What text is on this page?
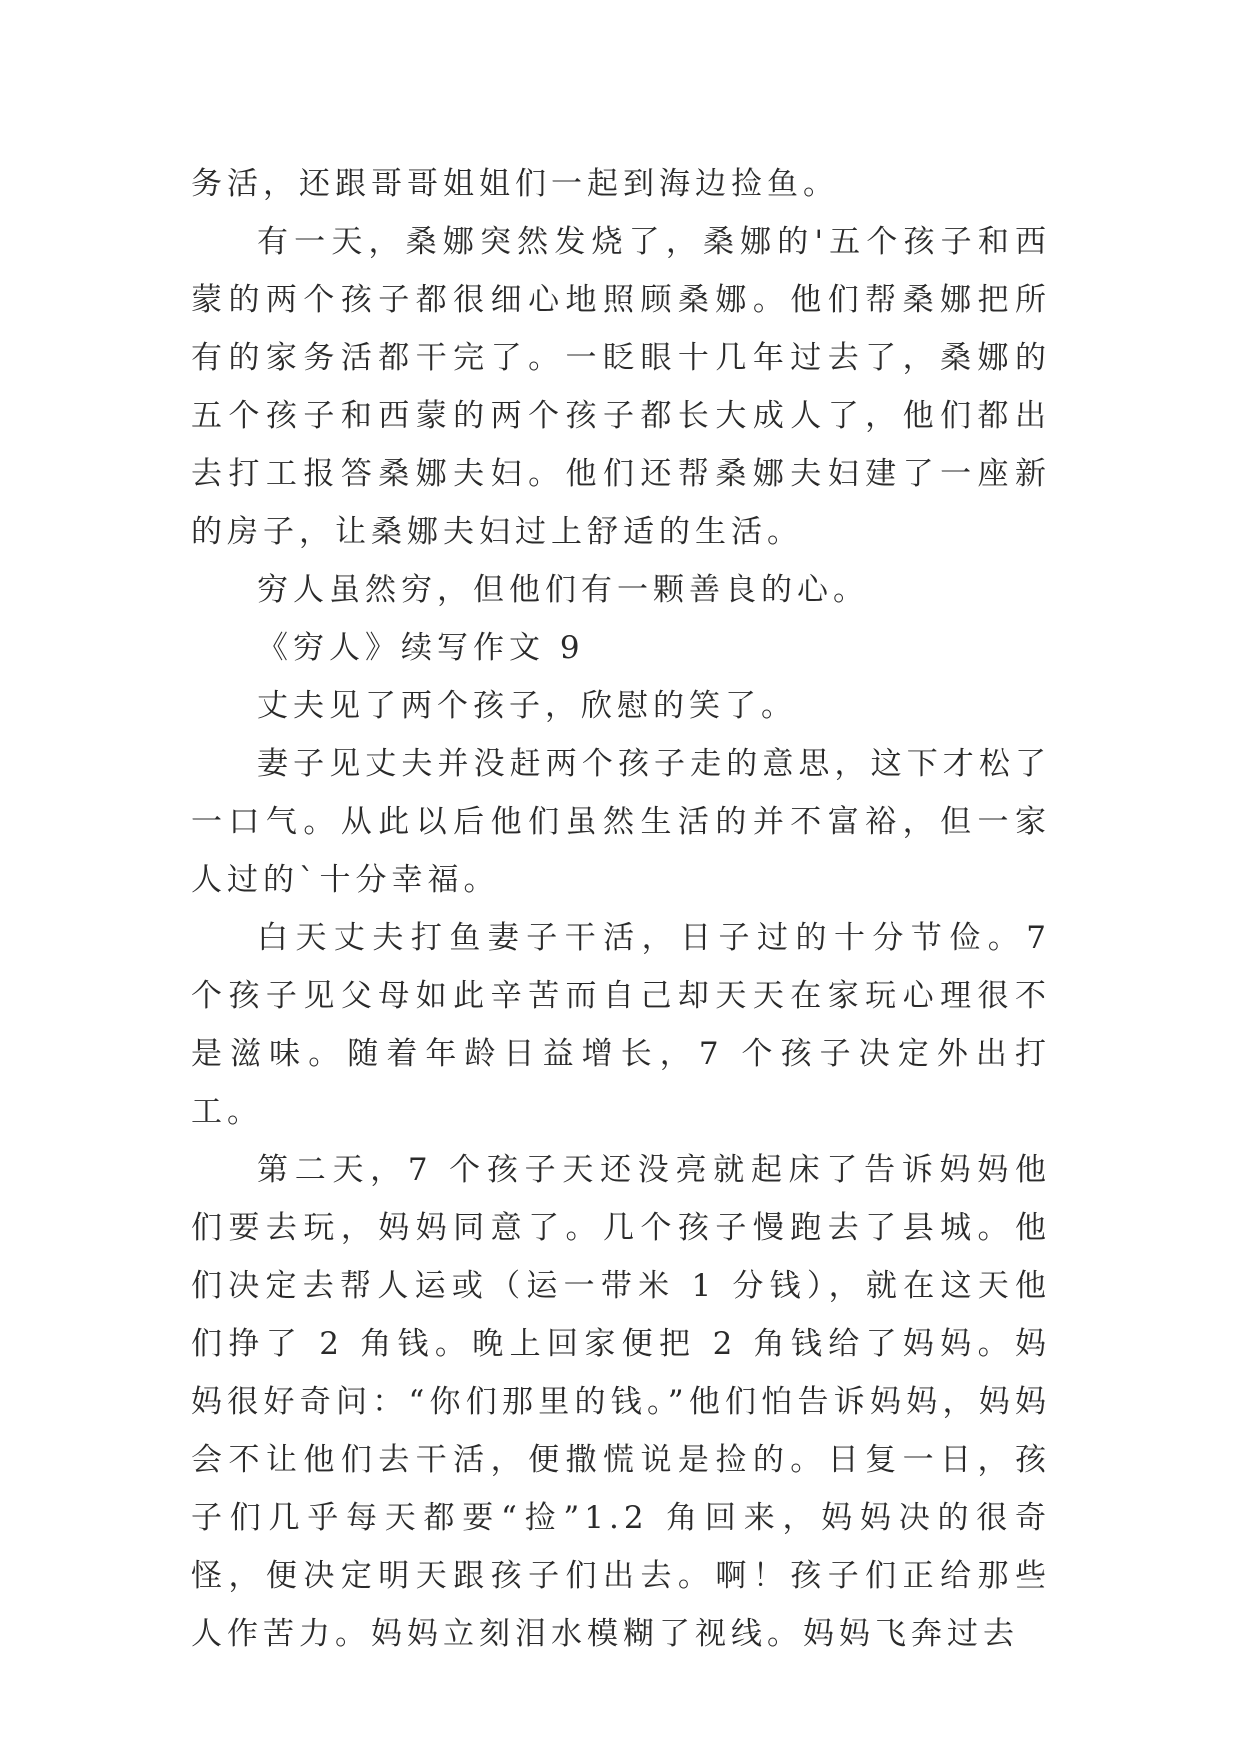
务活，还跟哥哥姐姐们一起到海边捡鱼。

有一天，桑娜突然发烧了，桑娜的'五个孩子和西蒙的两个孩子都很细心地照顾桑娜。他们帮桑娜把所有的家务活都干完了。一眨眼十几年过去了，桑娜的五个孩子和西蒙的两个孩子都长大成人了，他们都出去打工报答桑娜夫妇。他们还帮桑娜夫妇建了一座新的房子，让桑娜夫妇过上舒适的生活。

穷人虽然穷，但他们有一颗善良的心。

《穷人》续写作文 9

丈夫见了两个孩子，欣慰的笑了。

妻子见丈夫并没赶两个孩子走的意思，这下才松了一口气。从此以后他们虽然生活的并不富裕，但一家人过的`十分幸福。

白天丈夫打鱼妻子干活，日子过的十分节俭。7 个孩子见父母如此辛苦而自己却天天在家玩心理很不是滋味。随着年龄日益增长，7 个孩子决定外出打工。

第二天，7 个孩子天还没亮就起床了告诉妈妈他们要去玩，妈妈同意了。几个孩子慢跑去了县城。他们决定去帮人运或（运一带米 1 分钱），就在这天他们挣了 2 角钱。晚上回家便把 2 角钱给了妈妈。妈妈很好奇问：“你们那里的钱。”他们怕告诉妈妈，妈妈会不让他们去干活，便撒慌说是捡的。日复一日，孩子们几乎每天都要“捡”1.2 角回来，妈妈决的很奇怪，便决定明天跟孩子们出去。啊！孩子们正给那些人作苦力。妈妈立刻泪水模糊了视线。妈妈飞奔过去
